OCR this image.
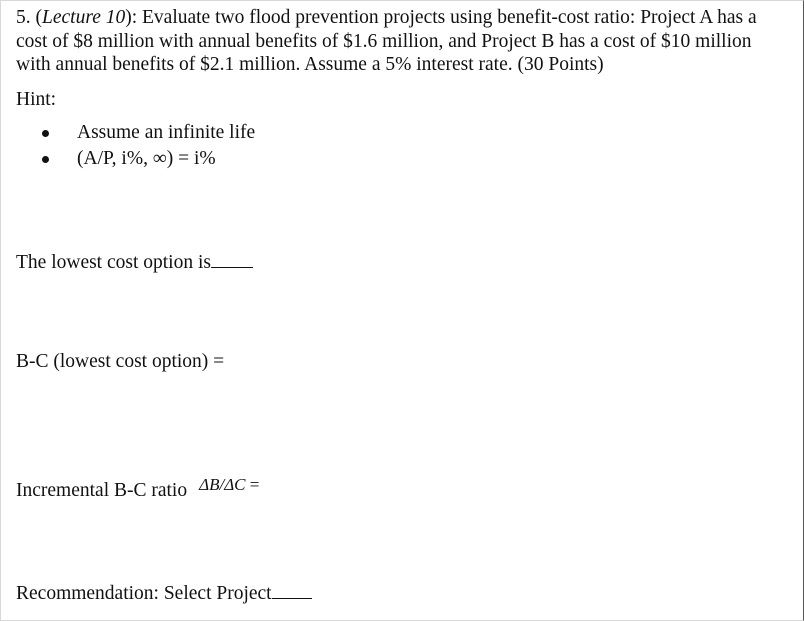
5. (Lecture 10): Evaluate two flood prevention projects using benefit-cost ratio: Project A has a
cost of $8 million with annual benefits of $1.6 million, and Project B has a cost of $10 million
with annual benefits of $2.1 million. Assume a 5% interest rate. (30 Points)
Hint:
Assume an infinite life
(A/P, i%, ∞) = i%
The lowest cost option is
B-C (lowest cost option) =
Incremental B-C ratio ΔB/ΔC =
Recommendation: Select Project
